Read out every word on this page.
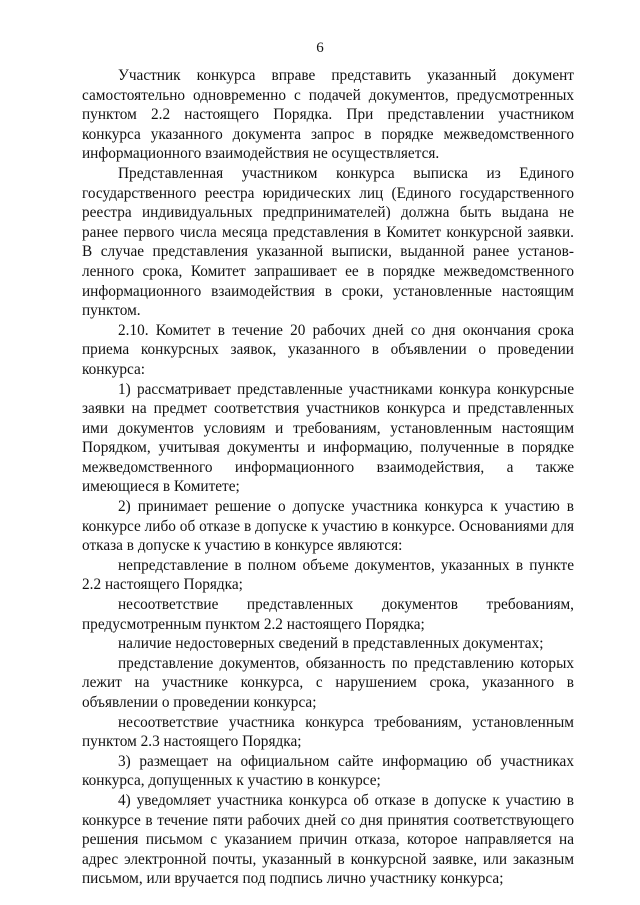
6

Участник конкурса вправе представить указанный документ самостоятельно одновременно с подачей документов, предусмотренных пунктом 2.2 настоящего Порядка. При представлении участником конкурса указанного документа запрос в порядке межведомственного информационного взаимодействия не осуществляется.

Представленная участником конкурса выписка из Единого государственного реестра юридических лиц (Единого государственного реестра индивидуальных предпринимателей) должна быть выдана не ранее первого числа месяца представления в Комитет конкурсной заявки. В случае представления указанной выписки, выданной ранее установленного срока, Комитет запрашивает ее в порядке межведомственного информационного взаимодействия в сроки, установленные настоящим пунктом.

2.10. Комитет в течение 20 рабочих дней со дня окончания срока приема конкурсных заявок, указанного в объявлении о проведении конкурса:

1) рассматривает представленные участниками конкура конкурсные заявки на предмет соответствия участников конкурса и представленных ими документов условиям и требованиям, установленным настоящим Порядком, учитывая документы и информацию, полученные в порядке межведомственного информационного взаимодействия, а также имеющиеся в Комитете;

2) принимает решение о допуске участника конкурса к участию в конкурсе либо об отказе в допуске к участию в конкурсе. Основаниями для отказа в допуске к участию в конкурсе являются:

непредставление в полном объеме документов, указанных в пункте 2.2 настоящего Порядка;

несоответствие представленных документов требованиям, предусмотренным пунктом 2.2 настоящего Порядка;

наличие недостоверных сведений в представленных документах;

представление документов, обязанность по представлению которых лежит на участнике конкурса, с нарушением срока, указанного в объявлении о проведении конкурса;

несоответствие участника конкурса требованиям, установленным пунктом 2.3 настоящего Порядка;

3) размещает на официальном сайте информацию об участниках конкурса, допущенных к участию в конкурсе;

4) уведомляет участника конкурса об отказе в допуске к участию в конкурсе в течение пяти рабочих дней со дня принятия соответствующего решения письмом с указанием причин отказа, которое направляется на адрес электронной почты, указанный в конкурсной заявке, или заказным письмом, или вручается под подпись лично участнику конкурса;
